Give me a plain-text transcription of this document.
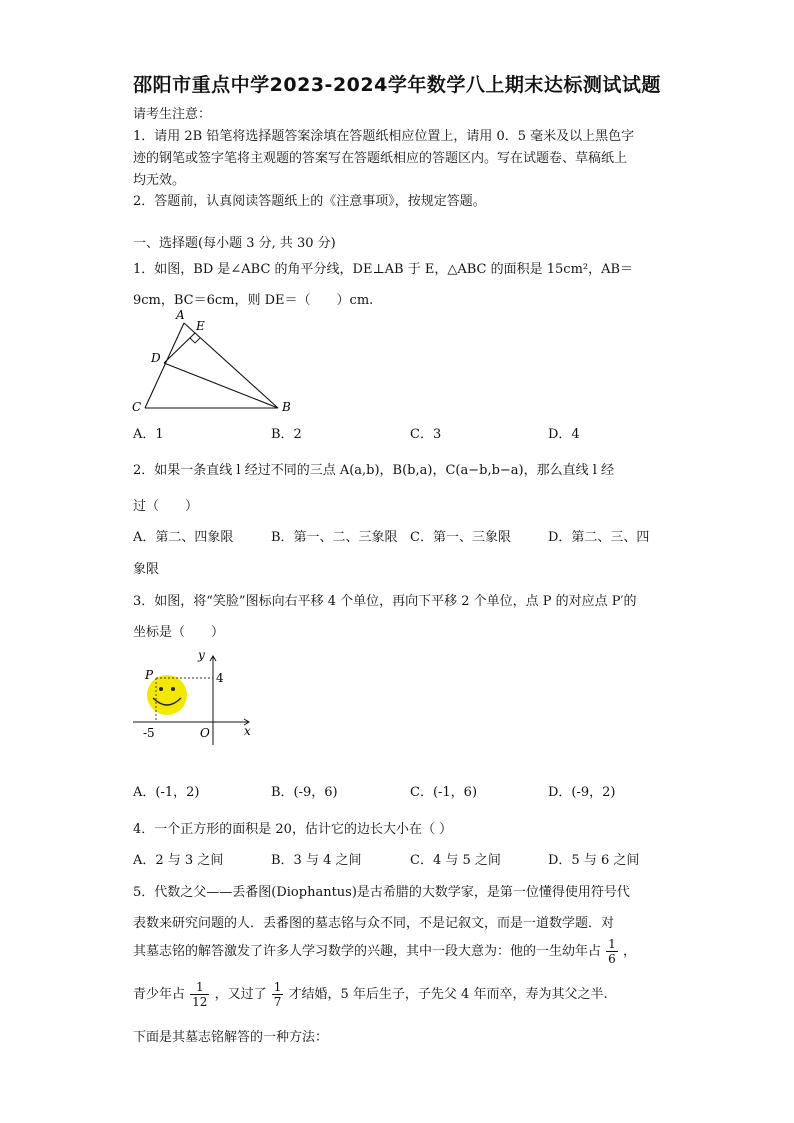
邵阳市重点中学2023-2024学年数学八上期末达标测试试题
请考生注意：
1．请用 2B 铅笔将选择题答案涂填在答题纸相应位置上，请用 0．5 毫米及以上黑色字
迹的钢笔或签字笔将主观题的答案写在答题纸相应的答题区内。写在试题卷、草稿纸上
均无效。
2．答题前，认真阅读答题纸上的《注意事项》，按规定答题。
一、选择题(每小题 3 分, 共 30 分)
1．如图，BD 是∠ABC 的角平分线，DE⊥AB 于 E，△ABC 的面积是 15cm²，AB＝
9cm，BC＝6cm，则 DE＝（　　）cm.
A
E
D
C	B
A．1	B．2	C．3	D．4
2．如果一条直线 l 经过不同的三点 A(a,b)，B(b,a)，C(a−b,b−a)，那么直线 l 经
过（　　）
A．第二、四象限	B．第一、二、三象限 C．第一、三象限	D．第二、三、四
象限
3．如图，将“笑脸”图标向右平移 4 个单位，再向下平移 2 个单位，点 P 的对应点 P′的
坐标是（　　）
y
x
P	4
-5	O
A．(-1，2)	B．(-9，6)	C．(-1，6)	D．(-9，2)
4．一个正方形的面积是 20，估计它的边长大小在（ ）
A．2 与 3 之间	B．3 与 4 之间	C．4 与 5 之间	D．5 与 6 之间
5．代数之父——丢番图(Diophantus)是古希腊的大数学家，是第一位懂得使用符号代
表数来研究问题的人．丢番图的墓志铭与众不同，不是记叙文，而是一道数学题．对
其墓志铭的解答激发了许多人学习数学的兴趣，其中一段大意为：他的一生幼年占 $\frac{1}{6}$ ，
青少年占 $\frac{1}{12}$ ，又过了 $\frac{1}{7}$ 才结婚，5 年后生子，子先父 4 年而卒，寿为其父之半.
下面是其墓志铭解答的一种方法：
